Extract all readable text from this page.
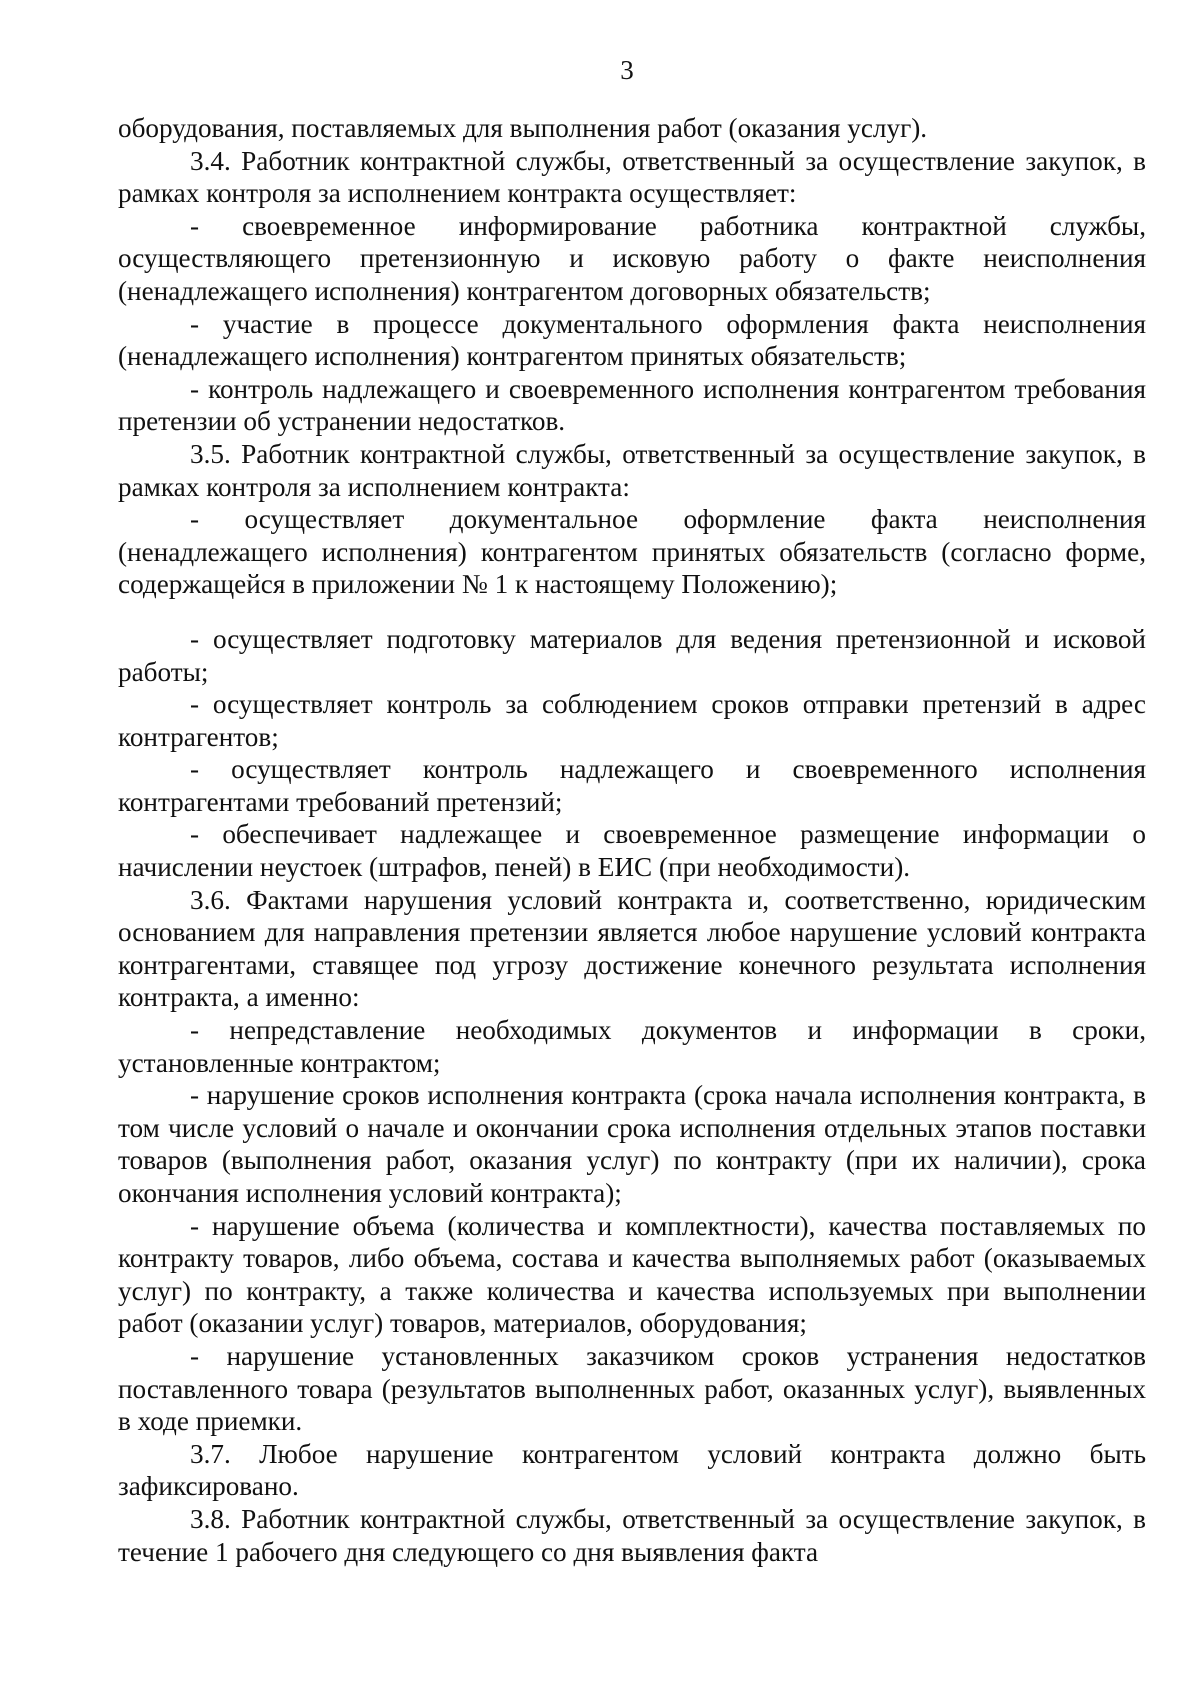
3

оборудования, поставляемых для выполнения работ (оказания услуг).

3.4. Работник контрактной службы, ответственный за осуществление закупок, в рамках контроля за исполнением контракта осуществляет:

- своевременное информирование работника контрактной службы, осуществляющего претензионную и исковую работу о факте неисполнения (ненадлежащего исполнения) контрагентом договорных обязательств;

- участие в процессе документального оформления факта неисполнения (ненадлежащего исполнения) контрагентом принятых обязательств;

- контроль надлежащего и своевременного исполнения контрагентом требования претензии об устранении недостатков.

3.5. Работник контрактной службы, ответственный за осуществление закупок, в рамках контроля за исполнением контракта:

- осуществляет документальное оформление факта неисполнения (ненадлежащего исполнения) контрагентом принятых обязательств (согласно форме, содержащейся в приложении № 1 к настоящему Положению);

- осуществляет подготовку материалов для ведения претензионной и исковой работы;

- осуществляет контроль за соблюдением сроков отправки претензий в адрес контрагентов;

- осуществляет контроль надлежащего и своевременного исполнения контрагентами требований претензий;

- обеспечивает надлежащее и своевременное размещение информации о начислении неустоек (штрафов, пеней) в ЕИС (при необходимости).

3.6. Фактами нарушения условий контракта и, соответственно, юридическим основанием для направления претензии является любое нарушение условий контракта контрагентами, ставящее под угрозу достижение конечного результата исполнения контракта, а именно:

- непредставление необходимых документов и информации в сроки, установленные контрактом;

- нарушение сроков исполнения контракта (срока начала исполнения контракта, в том числе условий о начале и окончании срока исполнения отдельных этапов поставки товаров (выполнения работ, оказания услуг) по контракту (при их наличии), срока окончания исполнения условий контракта);

- нарушение объема (количества и комплектности), качества поставляемых по контракту товаров, либо объема, состава и качества выполняемых работ (оказываемых услуг) по контракту, а также количества и качества используемых при выполнении работ (оказании услуг) товаров, материалов, оборудования;

- нарушение установленных заказчиком сроков устранения недостатков поставленного товара (результатов выполненных работ, оказанных услуг), выявленных в ходе приемки.

3.7. Любое нарушение контрагентом условий контракта должно быть зафиксировано.

3.8. Работник контрактной службы, ответственный за осуществление закупок, в течение 1 рабочего дня следующего со дня выявления факта
